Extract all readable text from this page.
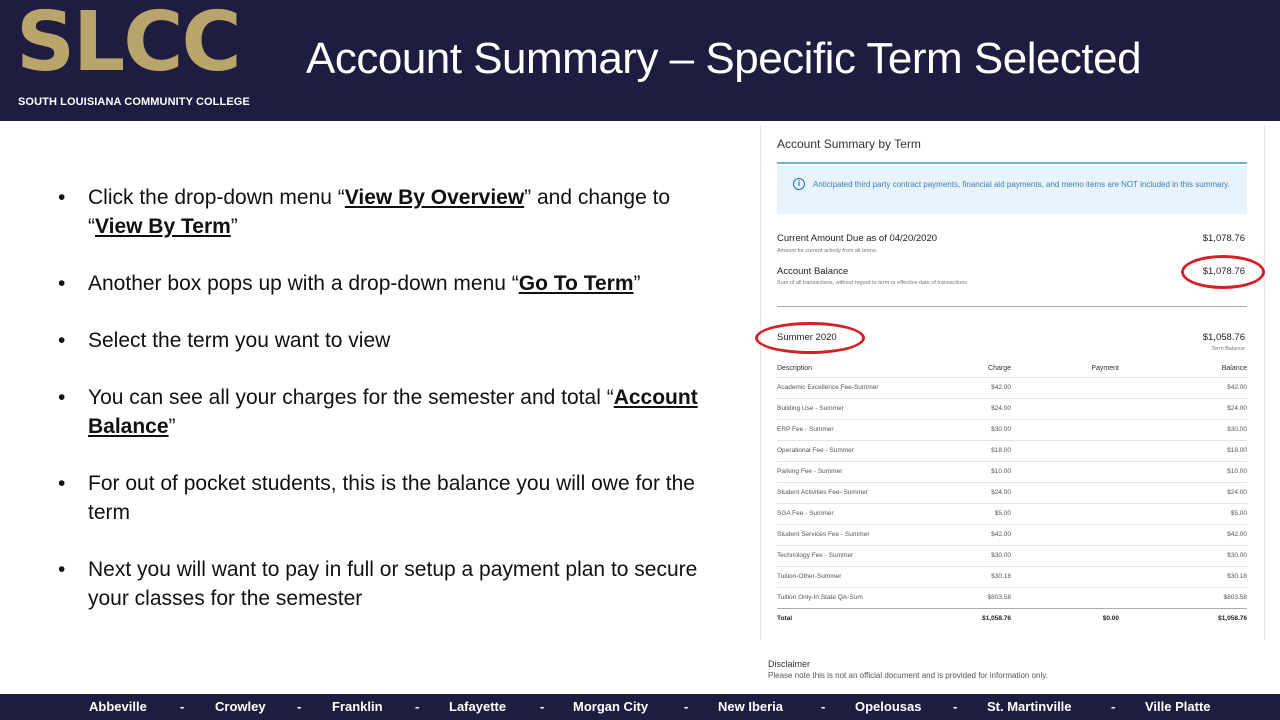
SLCC
SOUTH LOUISIANA COMMUNITY COLLEGE
Account Summary – Specific Term Selected
• Click the drop-down menu “View By Overview” and change to “View By Term”
• Another box pops up with a drop-down menu “Go To Term”
• Select the term you want to view
• You can see all your charges for the semester and total “Account Balance”
• For out of pocket students, this is the balance you will owe for the term
• Next you will want to pay in full or setup a payment plan to secure your classes for the semester
Account Summary by Term
i	Anticipated third party contract payments, financial aid payments, and memo items are NOT included in this summary.
Current Amount Due as of 04/20/2020
Amount for current activity from all terms.
$1,078.76
Account Balance
Sum of all transactions, without regard to term or effective date of transactions.
$1,078.76
Summer 2020	$1,058.76
Term Balance
Description	Charge	Payment	Balance
Academic Excellence Fee-Summer	$42.00		$42.00
Building Use - Summer	$24.00		$24.00
ERP Fee - Summer	$30.00		$30.00
Operational Fee - Summer	$18.00		$18.00
Parking Fee - Summer	$10.00		$10.00
Student Activities Fee- Summer	$24.00		$24.00
SGA Fee - Summer	$5.00		$5.00
Student Services Fee - Summer	$42.00		$42.00
Technology Fee - Summer	$30.00		$30.00
Tuition-Other-Summer	$30.18		$30.18
Tuition Only-In State QA-Sum	$803.58		$803.58
Total	$1,058.76	$0.00	$1,058.76
Disclaimer
Please note this is not an official document and is provided for information only.
Abbeville	- Crowley - Franklin - Lafayette	- Morgan City	- New Iberia	- Opelousas - St. Martinville	- Ville Platte
